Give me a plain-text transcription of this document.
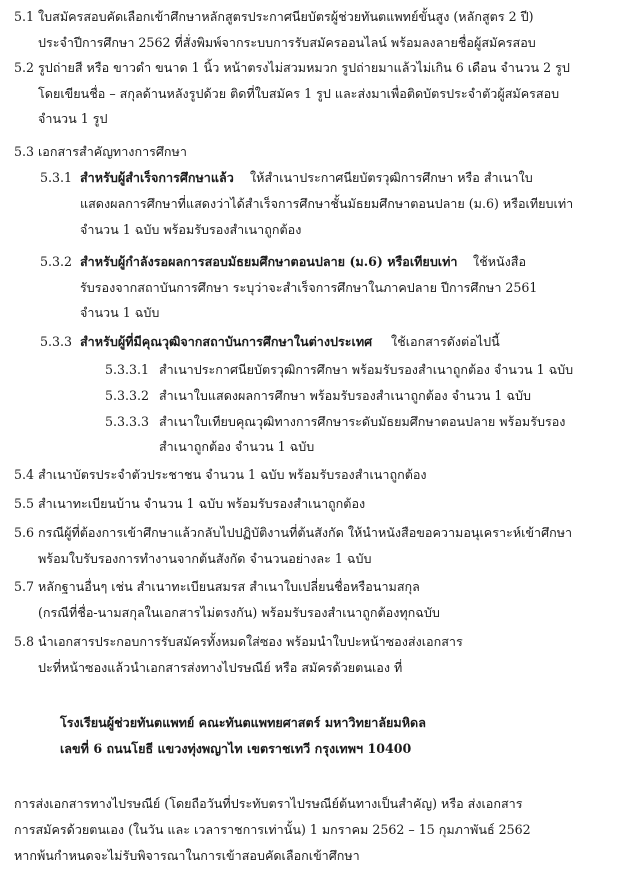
5.1 ใบสมัครสอบคัดเลือกเข้าศึกษาหลักสูตรประกาศนียบัตรผู้ช่วยทันตแพทย์ขั้นสูง (หลักสูตร 2 ปี)
ประจำปีการศึกษา 2562 ที่สั่งพิมพ์จากระบบการรับสมัครออนไลน์ พร้อมลงลายชื่อผู้สมัครสอบ
5.2 รูปถ่ายสี หรือ ขาวดำ ขนาด 1 นิ้ว หน้าตรงไม่สวมหมวก รูปถ่ายมาแล้วไม่เกิน 6 เดือน จำนวน 2 รูป
โดยเขียนชื่อ – สกุลด้านหลังรูปด้วย ติดที่ใบสมัคร 1 รูป และส่งมาเพื่อติดบัตรประจำตัวผู้สมัครสอบ
จำนวน 1 รูป
5.3 เอกสารสำคัญทางการศึกษา
5.3.1 สำหรับผู้สำเร็จการศึกษาแล้ว ให้สำเนาประกาศนียบัตรวุฒิการศึกษา หรือ สำเนาใบ
แสดงผลการศึกษาที่แสดงว่าได้สำเร็จการศึกษาชั้นมัธยมศึกษาตอนปลาย (ม.6) หรือเทียบเท่า
จำนวน 1 ฉบับ พร้อมรับรองสำเนาถูกต้อง
5.3.2 สำหรับผู้กำลังรอผลการสอบมัธยมศึกษาตอนปลาย (ม.6) หรือเทียบเท่า ใช้หนังสือ
รับรองจากสถาบันการศึกษา ระบุว่าจะสำเร็จการศึกษาในภาคปลาย ปีการศึกษา 2561
จำนวน 1 ฉบับ
5.3.3 สำหรับผู้ที่มีคุณวุฒิจากสถาบันการศึกษาในต่างประเทศ ใช้เอกสารดังต่อไปนี้
5.3.3.1 สำเนาประกาศนียบัตรวุฒิการศึกษา พร้อมรับรองสำเนาถูกต้อง จำนวน 1 ฉบับ
5.3.3.2 สำเนาใบแสดงผลการศึกษา พร้อมรับรองสำเนาถูกต้อง จำนวน 1 ฉบับ
5.3.3.3 สำเนาใบเทียบคุณวุฒิทางการศึกษาระดับมัธยมศึกษาตอนปลาย พร้อมรับรอง
สำเนาถูกต้อง จำนวน 1 ฉบับ
5.4 สำเนาบัตรประจำตัวประชาชน จำนวน 1 ฉบับ พร้อมรับรองสำเนาถูกต้อง
5.5 สำเนาทะเบียนบ้าน จำนวน 1 ฉบับ พร้อมรับรองสำเนาถูกต้อง
5.6 กรณีผู้ที่ต้องการเข้าศึกษาแล้วกลับไปปฏิบัติงานที่ต้นสังกัด ให้นำหนังสือขอความอนุเคราะห์เข้าศึกษา
พร้อมใบรับรองการทำงานจากต้นสังกัด จำนวนอย่างละ 1 ฉบับ
5.7 หลักฐานอื่นๆ เช่น สำเนาทะเบียนสมรส สำเนาใบเปลี่ยนชื่อหรือนามสกุล
(กรณีที่ชื่อ-นามสกุลในเอกสารไม่ตรงกัน) พร้อมรับรองสำเนาถูกต้องทุกฉบับ
5.8 นำเอกสารประกอบการรับสมัครทั้งหมดใส่ซอง พร้อมนำใบปะหน้าซองส่งเอกสาร
ปะที่หน้าซองแล้วนำเอกสารส่งทางไปรษณีย์ หรือ สมัครด้วยตนเอง ที่
โรงเรียนผู้ช่วยทันตแพทย์ คณะทันตแพทยศาสตร์ มหาวิทยาลัยมหิดล
เลขที่ 6 ถนนโยธี แขวงทุ่งพญาไท เขตราชเทวี กรุงเทพฯ 10400
การส่งเอกสารทางไปรษณีย์ (โดยถือวันที่ประทับตราไปรษณีย์ต้นทางเป็นสำคัญ) หรือ ส่งเอกสาร
การสมัครด้วยตนเอง (ในวัน และ เวลาราชการเท่านั้น) 1 มกราคม 2562 – 15 กุมภาพันธ์ 2562
หากพ้นกำหนดจะไม่รับพิจารณาในการเข้าสอบคัดเลือกเข้าศึกษา
